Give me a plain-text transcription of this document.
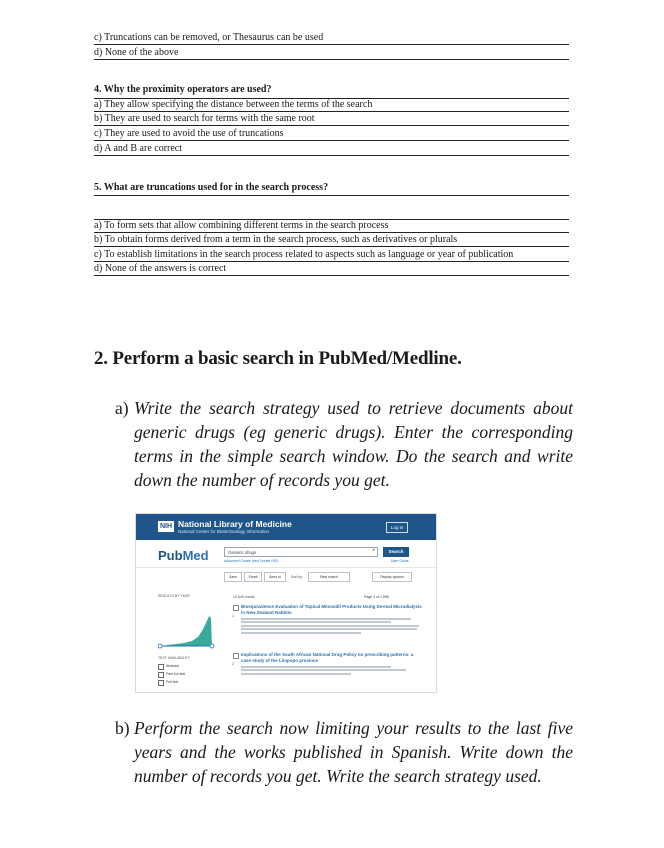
c) Truncations can be removed, or Thesaurus can be used
d) None of the above
4. Why the proximity operators are used?
a) They allow specifying the distance between the terms of the search
b) They are used to search for terms with the same root
c) They are used to avoid the use of truncations
d) A and B are correct
5. What are truncations used for in the search process?
a) To form sets that allow combining different terms in the search process
b) To obtain forms derived from a term in the search process, such as derivatives or plurals
c) To establish limitations in the search process related to aspects such as language or year of publication
d) None of the answers is correct
2. Perform a basic search in PubMed/Medline.
a) Write the search strategy used to retrieve documents about generic drugs (eg generic drugs). Enter the corresponding terms in the simple search window. Do the search and write down the number of records you get.
NIH National Library of Medicine
National Center for Biotechnology Information
Log in
PubMed	Generic drugs	×	Search
Advanced Create alert Create RSS	User Guide
Save	Email	Send to	Sort by:	Best match	Display options
RESULTS BY YEAR
TEXT AVAILABILITY
Abstract
Free full text
Full text
10,646 results	Page 1 of 1,065
1
Bioequivalence Evaluation of Topical Minoxidil Products Using Dermal Microdialysis in New Zealand Rabbits
2
Implications of the South African National Drug Policy on prescribing patterns: a case study of the Limpopo province
b) Perform the search now limiting your results to the last five years and the works published in Spanish. Write down the number of records you get. Write the search strategy used.
